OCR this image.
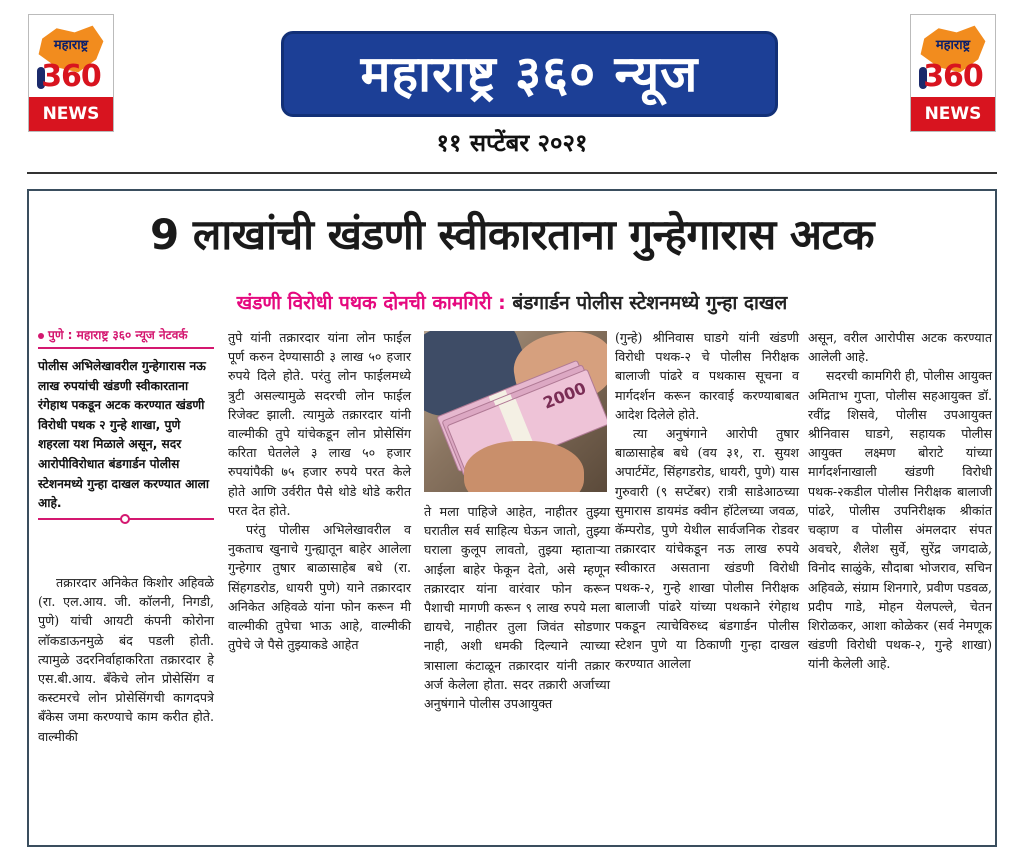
महाराष्ट्र
360
NEWS
महाराष्ट्र ३६० न्यूज	महाराष्ट्र
360
NEWS
११ सप्टेंबर २०२१
9 लाखांची खंडणी स्वीकारताना गुन्हेगारास अटक
खंडणी विरोधी पथक दोनची कामगिरी : बंडगार्डन पोलीस स्टेशनमध्ये गुन्हा दाखल
पुणे : महाराष्ट्र ३६० न्यूज नेटवर्क
पोलीस अभिलेखावरील गुन्हेगारास नऊ लाख रुपयांची खंडणी स्वीकारताना रंगेहाथ पकडून अटक करण्यात खंडणी विरोधी पथक २ गुन्हे शाखा, पुणे शहरला यश मिळाले असून, सदर आरोपीविरोधात बंडगार्डन पोलीस स्टेशनमध्ये गुन्हा दाखल करण्यात आला आहे.

तक्रारदार अनिकेत किशोर अहिवळे (रा. एल.आय. जी. कॉलनी, निगडी, पुणे) यांची आयटी कंपनी कोरोना लॉकडाऊनमुळे बंद पडली होती. त्यामुळे उदरनिर्वाहाकरिता तक्रारदार हे एस.बी.आय. बँकेचे लोन प्रोसेसिंग व कस्टमरचे लोन प्रोसेसिंगची कागदपत्रे बँकेस जमा करण्याचे काम करीत होते. वाल्मीकी

तुपे यांनी तक्रारदार यांना लोन फाईल पूर्ण करुन देण्यासाठी ३ लाख ५० हजार रुपये दिले होते. परंतु लोन फाईलमध्ये त्रुटी असल्यामुळे सदरची लोन फाईल रिजेक्ट झाली. त्यामुळे तक्रारदार यांनी वाल्मीकी तुपे यांचेकडून लोन प्रोसेसिंग करिता घेतलेले ३ लाख ५० हजार रुपयांपैकी ७५ हजार रुपये परत केले होते आणि उर्वरीत पैसे थोडे थोडे करीत परत देत होते.

परंतु पोलीस अभिलेखावरील व नुकताच खुनाचे गुन्ह्यातून बाहेर आलेला गुन्हेगार तुषार बाळासाहेब बधे (रा. सिंहगडरोड, धायरी पुणे) याने तक्रारदार अनिकेत अहिवळे यांना फोन करून मी वाल्मीकी तुपेचा भाऊ आहे, वाल्मीकी तुपेचे जे पैसे तुझ्याकडे आहेत

2000

ते मला पाहिजे आहेत, नाहीतर तुझ्या घरातील सर्व साहित्य घेऊन जातो, तुझ्या घराला कुलूप लावतो, तुझ्या म्हाताऱ्या आईला बाहेर फेकून देतो, असे म्हणून तक्रारदार यांना वारंवार फोन करून पैशाची मागणी करून ९ लाख रुपये मला द्यायचे, नाहीतर तुला जिवंत सोडणार नाही, अशी धमकी दिल्याने त्याच्या त्रासाला कंटाळून तक्रारदार यांनी तक्रार अर्ज केलेला होता. सदर तक्रारी अर्जाच्या अनुषंगाने पोलीस उपआयुक्त

(गुन्हे) श्रीनिवास घाडगे यांनी खंडणी विरोधी पथक-२ चे पोलीस निरीक्षक बालाजी पांढरे व पथकास सूचना व मार्गदर्शन करून कारवाई करण्याबाबत आदेश दिलेले होते.

त्या अनुषंगाने आरोपी तुषार बाळासाहेब बधे (वय ३१, रा. सुयश अपार्टमेंट, सिंहगडरोड, धायरी, पुणे) यास गुरुवारी (९ सप्टेंबर) रात्री साडेआठच्या सुमारास डायमंड क्वीन हॉटेलच्या जवळ, कॅम्परोड, पुणे येथील सार्वजनिक रोडवर तक्रारदार यांचेकडून नऊ लाख रुपये स्वीकारत असताना खंडणी विरोधी पथक-२, गुन्हे शाखा पोलीस निरीक्षक बालाजी पांढरे यांच्या पथकाने रंगेहाथ पकडून त्याचेविरुध्द बंडगार्डन पोलीस स्टेशन पुणे या ठिकाणी गुन्हा दाखल करण्यात आलेला

असून, वरील आरोपीस अटक करण्यात आलेली आहे.

सदरची कामगिरी ही, पोलीस आयुक्त अमिताभ गुप्ता, पोलीस सहआयुक्त डॉ. रवींद्र शिसवे, पोलीस उपआयुक्त श्रीनिवास घाडगे, सहायक पोलीस आयुक्त लक्ष्मण बोराटे यांच्या मार्गदर्शनाखाली खंडणी विरोधी पथक-२कडील पोलीस निरीक्षक बालाजी पांढरे, पोलीस उपनिरीक्षक श्रीकांत चव्हाण व पोलीस अंमलदार संपत अवचरे, शैलेश सुर्वे, सुरेंद्र जगदाळे, विनोद साळुंके, सौदाबा भोजराव, सचिन अहिवळे, संग्राम शिनगारे, प्रवीण पडवळ, प्रदीप गाडे, मोहन येलपल्ले, चेतन शिरोळकर, आशा कोळेकर (सर्व नेमणूक खंडणी विरोधी पथक-२, गुन्हे शाखा) यांनी केलेली आहे.
